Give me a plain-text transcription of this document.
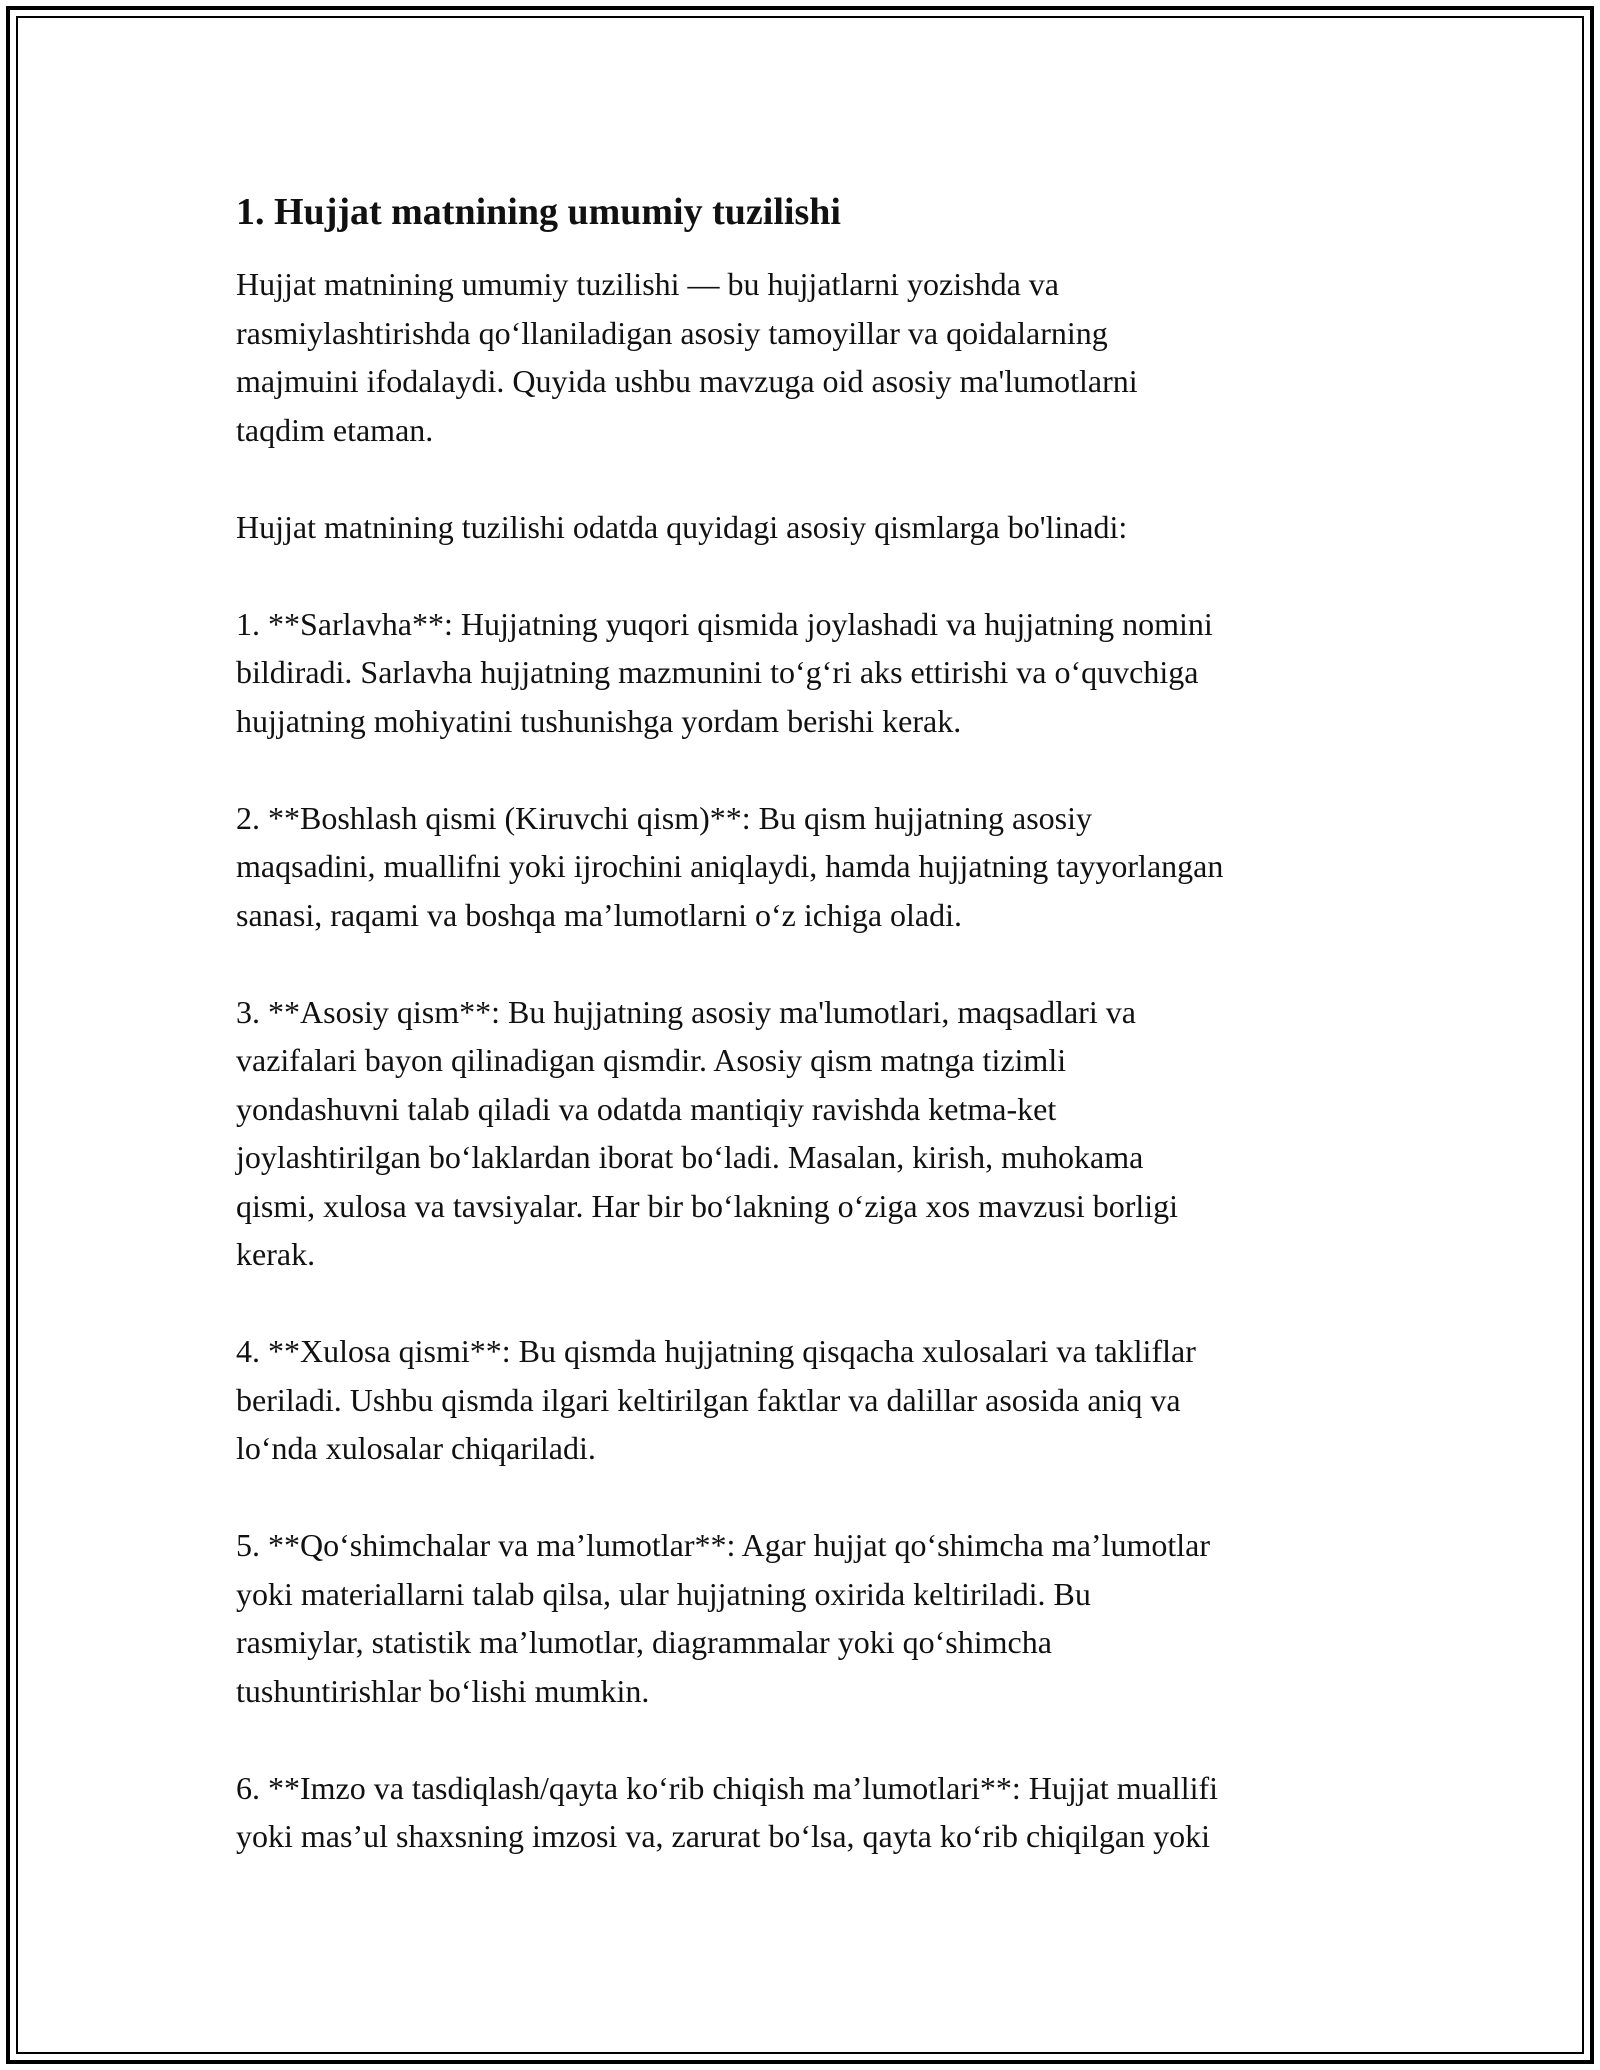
1. Hujjat matnining umumiy tuzilishi
Hujjat matnining umumiy tuzilishi — bu hujjatlarni yozishda va
rasmiylashtirishda qo‘llaniladigan asosiy tamoyillar va qoidalarning
majmuini ifodalaydi. Quyida ushbu mavzuga oid asosiy ma'lumotlarni
taqdim etaman.
Hujjat matnining tuzilishi odatda quyidagi asosiy qismlarga bo'linadi:
1. **Sarlavha**: Hujjatning yuqori qismida joylashadi va hujjatning nomini
bildiradi. Sarlavha hujjatning mazmunini to‘g‘ri aks ettirishi va o‘quvchiga
hujjatning mohiyatini tushunishga yordam berishi kerak.
2. **Boshlash qismi (Kiruvchi qism)**: Bu qism hujjatning asosiy
maqsadini, muallifni yoki ijrochini aniqlaydi, hamda hujjatning tayyorlangan
sanasi, raqami va boshqa ma’lumotlarni o‘z ichiga oladi.
3. **Asosiy qism**: Bu hujjatning asosiy ma'lumotlari, maqsadlari va
vazifalari bayon qilinadigan qismdir. Asosiy qism matnga tizimli
yondashuvni talab qiladi va odatda mantiqiy ravishda ketma-ket
joylashtirilgan bo‘laklardan iborat bo‘ladi. Masalan, kirish, muhokama
qismi, xulosa va tavsiyalar. Har bir bo‘lakning o‘ziga xos mavzusi borligi
kerak.
4. **Xulosa qismi**: Bu qismda hujjatning qisqacha xulosalari va takliflar
beriladi. Ushbu qismda ilgari keltirilgan faktlar va dalillar asosida aniq va
lo‘nda xulosalar chiqariladi.
5. **Qo‘shimchalar va ma’lumotlar**: Agar hujjat qo‘shimcha ma’lumotlar
yoki materiallarni talab qilsa, ular hujjatning oxirida keltiriladi. Bu
rasmiylar, statistik ma’lumotlar, diagrammalar yoki qo‘shimcha
tushuntirishlar bo‘lishi mumkin.
6. **Imzo va tasdiqlash/qayta ko‘rib chiqish ma’lumotlari**: Hujjat muallifi
yoki mas’ul shaxsning imzosi va, zarurat bo‘lsa, qayta ko‘rib chiqilgan yoki
